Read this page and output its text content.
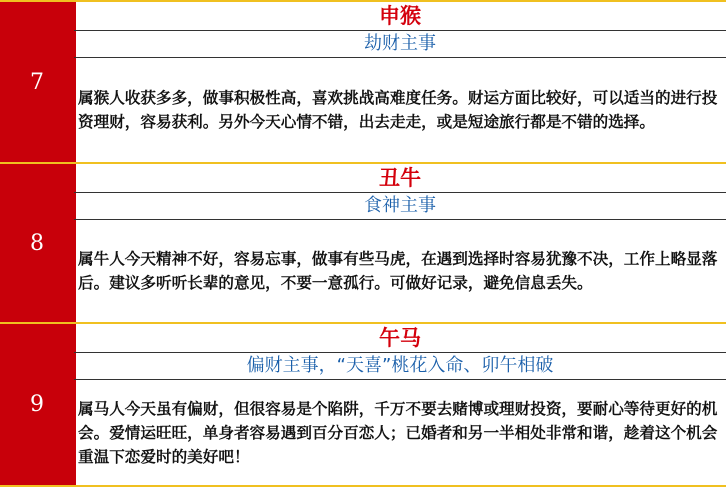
7
申猴
劫财主事
属猴人收获多多，做事积极性高，喜欢挑战高难度任务。财运方面比较好，可以适当的进行投资理财，容易获利。另外今天心情不错，出去走走，或是短途旅行都是不错的选择。
8
丑牛
食神主事
属牛人今天精神不好，容易忘事，做事有些马虎，在遇到选择时容易犹豫不决，工作上略显落后。建议多听听长辈的意见，不要一意孤行。可做好记录，避免信息丢失。
9
午马
偏财主事，“天喜”桃花入命、卯午相破
属马人今天虽有偏财，但很容易是个陷阱，千万不要去赌博或理财投资，要耐心等待更好的机会。爱情运旺旺，单身者容易遇到百分百恋人；已婚者和另一半相处非常和谐，趁着这个机会重温下恋爱时的美好吧！
